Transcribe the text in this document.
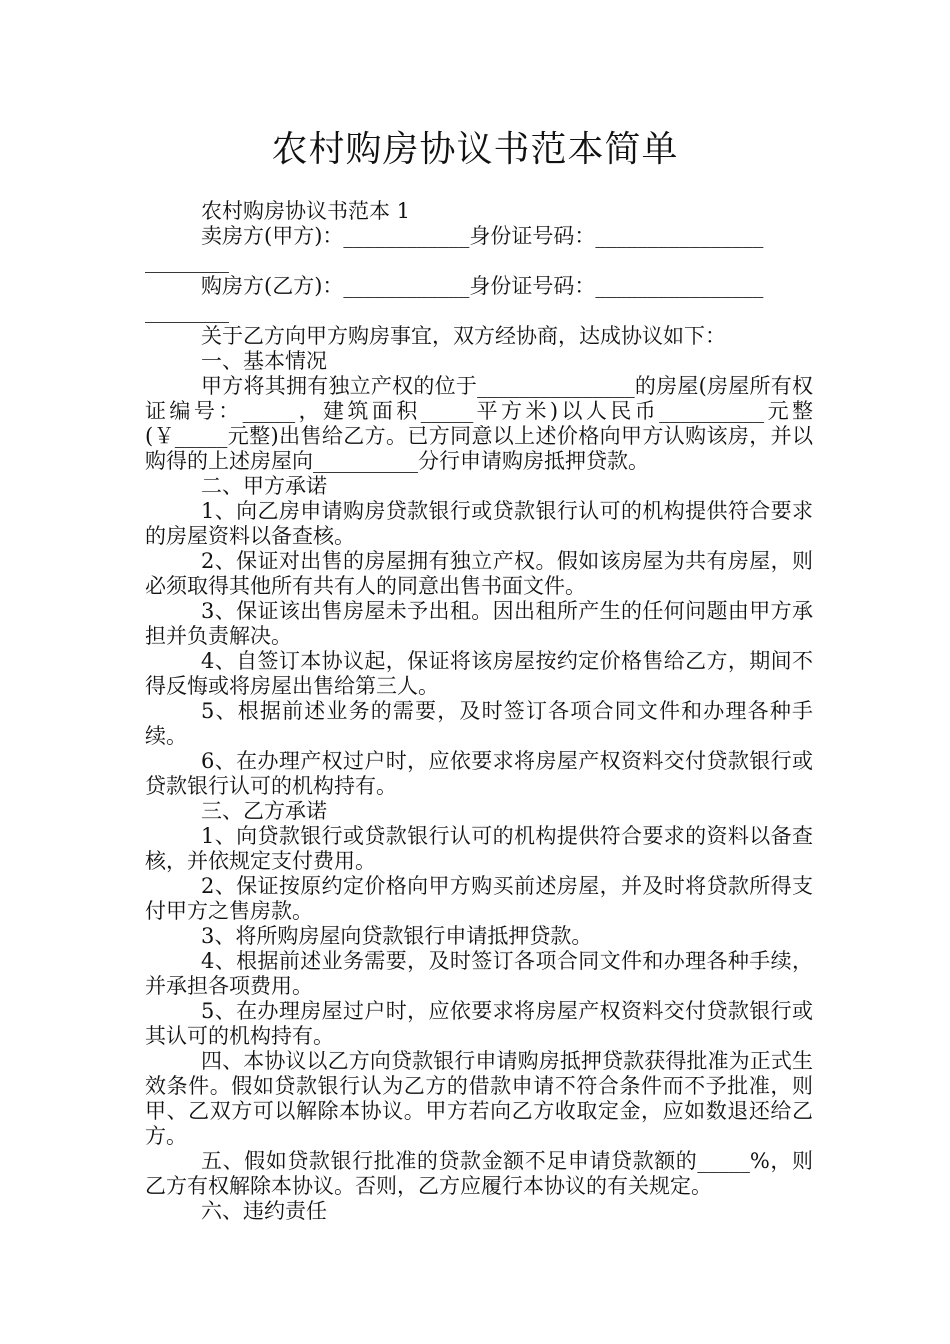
农村购房协议书范本简单

农村购房协议书范本 1

卖房方(甲方)：____________身份证号码：________________

________

购房方(乙方)：____________身份证号码：________________

________

关于乙方向甲方购房事宜，双方经协商，达成协议如下：

一、基本情况

甲方将其拥有独立产权的位于_______________的房屋(房屋所有权证编号：_____，建筑面积_____平方米)以人民币__________元整(￥_____元整)出售给乙方。已方同意以上述价格向甲方认购该房，并以购得的上述房屋向__________分行申请购房抵押贷款。

二、甲方承诺

1、向乙房申请购房贷款银行或贷款银行认可的机构提供符合要求的房屋资料以备查核。

2、保证对出售的房屋拥有独立产权。假如该房屋为共有房屋，则必须取得其他所有共有人的同意出售书面文件。

3、保证该出售房屋未予出租。因出租所产生的任何问题由甲方承担并负责解决。

4、自签订本协议起，保证将该房屋按约定价格售给乙方，期间不得反悔或将房屋出售给第三人。

5、根据前述业务的需要，及时签订各项合同文件和办理各种手续。

6、在办理产权过户时，应依要求将房屋产权资料交付贷款银行或贷款银行认可的机构持有。

三、乙方承诺

1、向贷款银行或贷款银行认可的机构提供符合要求的资料以备查核，并依规定支付费用。

2、保证按原约定价格向甲方购买前述房屋，并及时将贷款所得支付甲方之售房款。

3、将所购房屋向贷款银行申请抵押贷款。

4、根据前述业务需要，及时签订各项合同文件和办理各种手续，并承担各项费用。

5、在办理房屋过户时，应依要求将房屋产权资料交付贷款银行或其认可的机构持有。

四、本协议以乙方向贷款银行申请购房抵押贷款获得批准为正式生效条件。假如贷款银行认为乙方的借款申请不符合条件而不予批准，则甲、乙双方可以解除本协议。甲方若向乙方收取定金，应如数退还给乙方。

五、假如贷款银行批准的贷款金额不足申请贷款额的_____%，则乙方有权解除本协议。否则，乙方应履行本协议的有关规定。

六、违约责任
